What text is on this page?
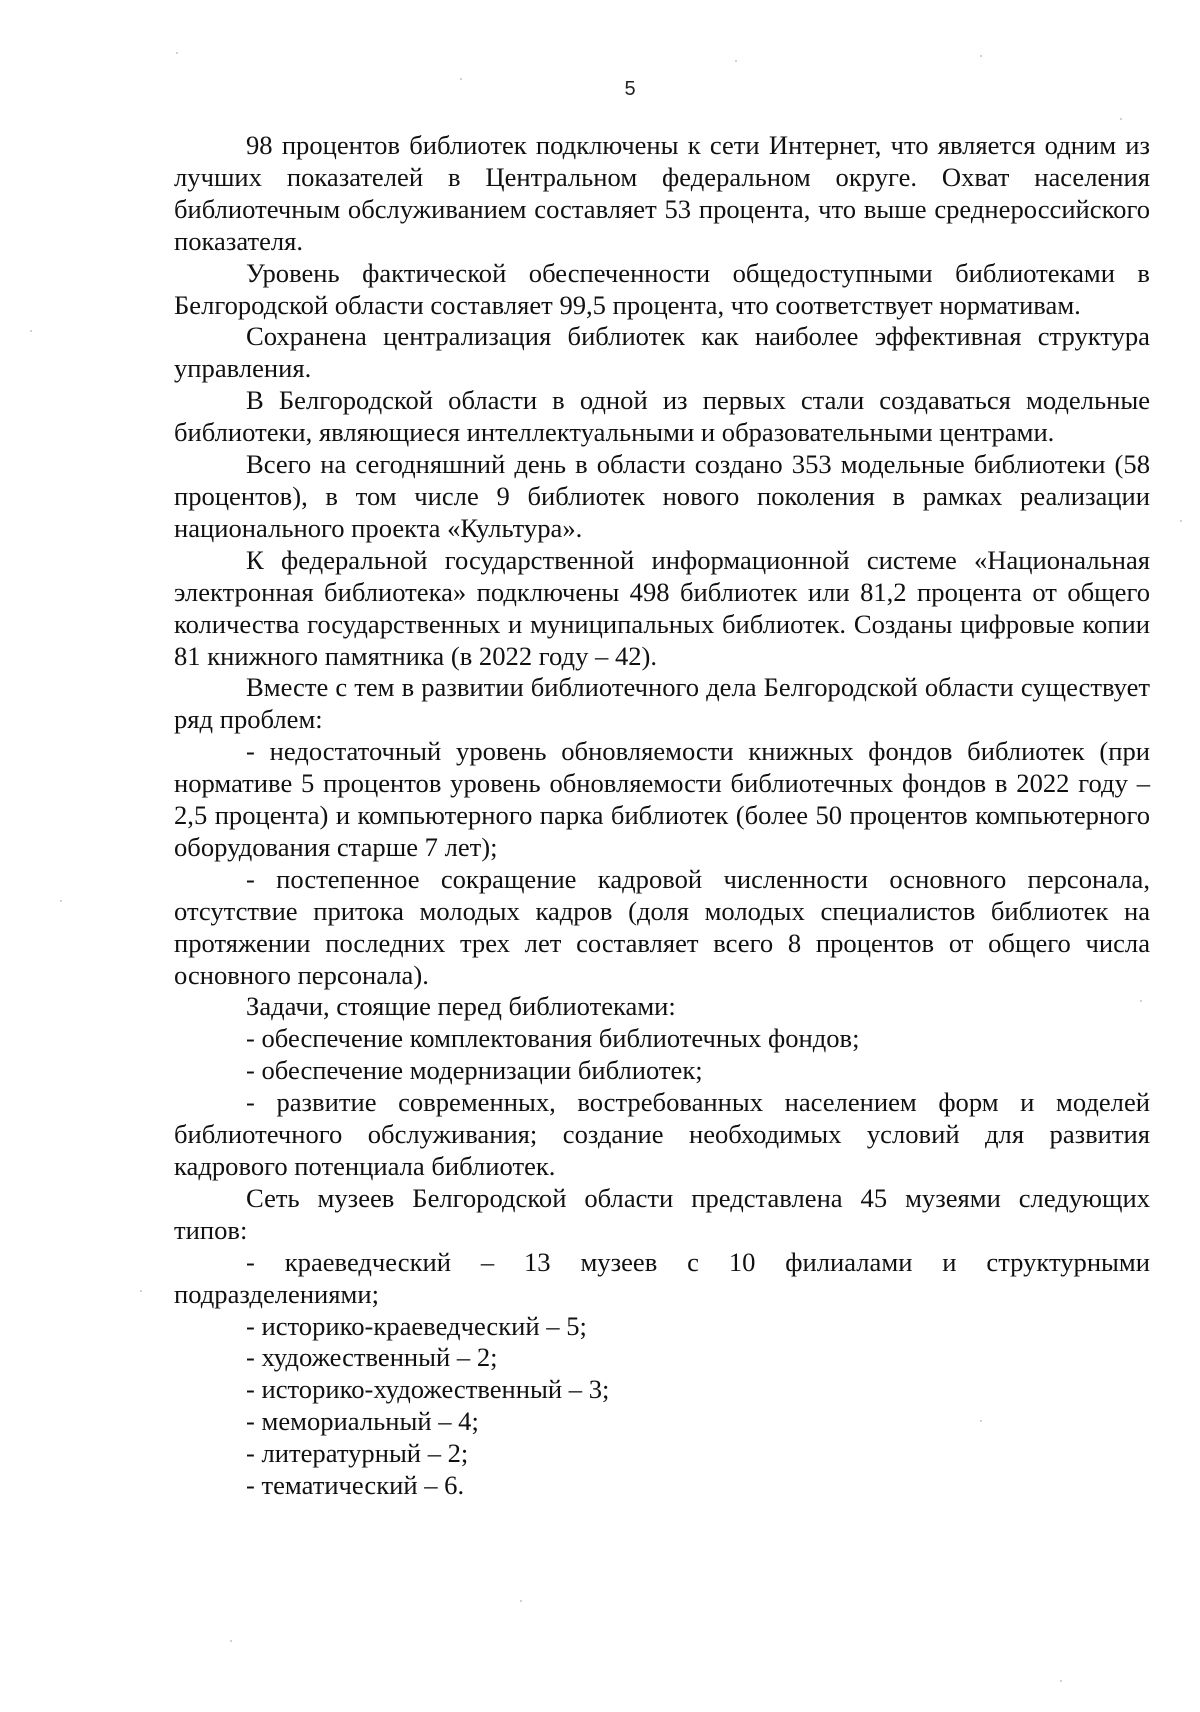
5

98 процентов библиотек подключены к сети Интернет, что является одним из лучших показателей в Центральном федеральном округе. Охват населения библиотечным обслуживанием составляет 53 процента, что выше среднероссийского показателя.

Уровень фактической обеспеченности общедоступными библиотеками в Белгородской области составляет 99,5 процента, что соответствует нормативам.

Сохранена централизация библиотек как наиболее эффективная структура управления.

В Белгородской области в одной из первых стали создаваться модельные библиотеки, являющиеся интеллектуальными и образовательными центрами.

Всего на сегодняшний день в области создано 353 модельные библиотеки (58 процентов), в том числе 9 библиотек нового поколения в рамках реализации национального проекта «Культура».

К федеральной государственной информационной системе «Национальная электронная библиотека» подключены 498 библиотек или 81,2 процента от общего количества государственных и муниципальных библиотек. Созданы цифровые копии 81 книжного памятника (в 2022 году – 42).

Вместе с тем в развитии библиотечного дела Белгородской области существует ряд проблем:

- недостаточный уровень обновляемости книжных фондов библиотек (при нормативе 5 процентов уровень обновляемости библиотечных фондов в 2022 году – 2,5 процента) и компьютерного парка библиотек (более 50 процентов компьютерного оборудования старше 7 лет);

- постепенное сокращение кадровой численности основного персонала, отсутствие притока молодых кадров (доля молодых специалистов библиотек на протяжении последних трех лет составляет всего 8 процентов от общего числа основного персонала).

Задачи, стоящие перед библиотеками:

- обеспечение комплектования библиотечных фондов;

- обеспечение модернизации библиотек;

- развитие современных, востребованных населением форм и моделей библиотечного обслуживания; создание необходимых условий для развития кадрового потенциала библиотек.

Сеть музеев Белгородской области представлена 45 музеями следующих типов:

- краеведческий – 13 музеев с 10 филиалами и структурными подразделениями;

- историко-краеведческий – 5;

- художественный – 2;

- историко-художественный – 3;

- мемориальный – 4;

- литературный – 2;

- тематический – 6.
